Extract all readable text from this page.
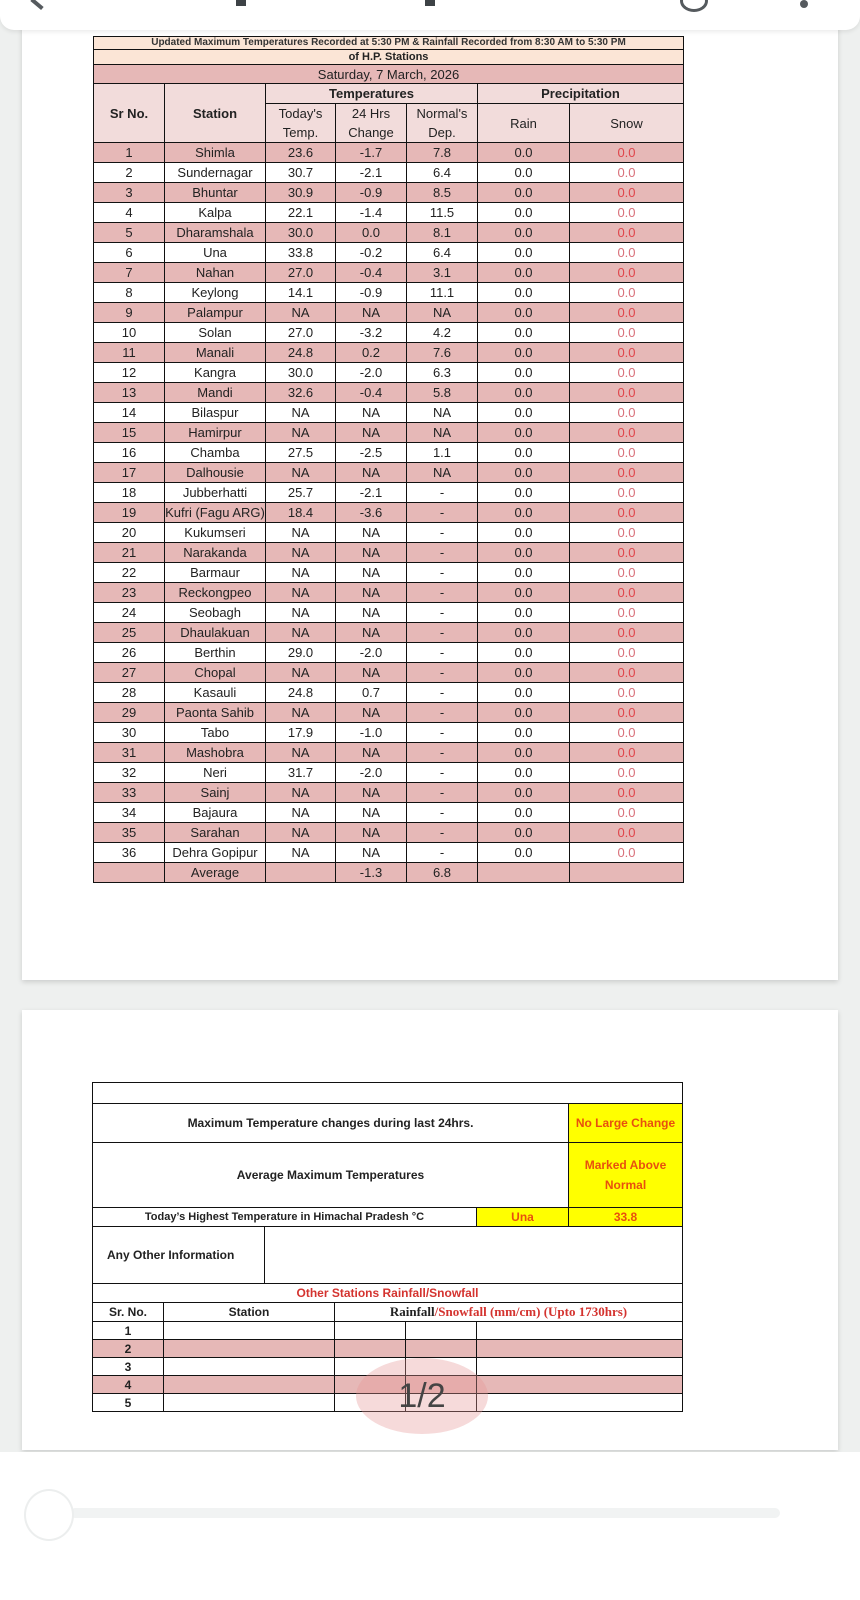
Updated Maximum Temperatures Recorded at 5:30 PM & Rainfall Recorded from 8:30 AM to 5:30 PM						
of H.P. Stations						
Saturday, 7 March, 2026						
Sr No.	Station	Temperatures			Precipitation	
		Today's Temp.	24 Hrs Change	Normal's Dep.	Rain	Snow
1	Shimla	23.6	-1.7	7.8	0.0	0.0
2	Sundernagar	30.7	-2.1	6.4	0.0	0.0
3	Bhuntar	30.9	-0.9	8.5	0.0	0.0
4	Kalpa	22.1	-1.4	11.5	0.0	0.0
5	Dharamshala	30.0	0.0	8.1	0.0	0.0
6	Una	33.8	-0.2	6.4	0.0	0.0
7	Nahan	27.0	-0.4	3.1	0.0	0.0
8	Keylong	14.1	-0.9	11.1	0.0	0.0
9	Palampur	NA	NA	NA	0.0	0.0
10	Solan	27.0	-3.2	4.2	0.0	0.0
11	Manali	24.8	0.2	7.6	0.0	0.0
12	Kangra	30.0	-2.0	6.3	0.0	0.0
13	Mandi	32.6	-0.4	5.8	0.0	0.0
14	Bilaspur	NA	NA	NA	0.0	0.0
15	Hamirpur	NA	NA	NA	0.0	0.0
16	Chamba	27.5	-2.5	1.1	0.0	0.0
17	Dalhousie	NA	NA	NA	0.0	0.0
18	Jubberhatti	25.7	-2.1	-	0.0	0.0
19	Kufri (Fagu ARG)	18.4	-3.6	-	0.0	0.0
20	Kukumseri	NA	NA	-	0.0	0.0
21	Narakanda	NA	NA	-	0.0	0.0
22	Barmaur	NA	NA	-	0.0	0.0
23	Reckongpeo	NA	NA	-	0.0	0.0
24	Seobagh	NA	NA	-	0.0	0.0
25	Dhaulakuan	NA	NA	-	0.0	0.0
26	Berthin	29.0	-2.0	-	0.0	0.0
27	Chopal	NA	NA	-	0.0	0.0
28	Kasauli	24.8	0.7	-	0.0	0.0
29	Paonta Sahib	NA	NA	-	0.0	0.0
30	Tabo	17.9	-1.0	-	0.0	0.0
31	Mashobra	NA	NA	-	0.0	0.0
32	Neri	31.7	-2.0	-	0.0	0.0
33	Sainj	NA	NA	-	0.0	0.0
34	Bajaura	NA	NA	-	0.0	0.0
35	Sarahan	NA	NA	-	0.0	0.0
36	Dehra Gopipur	NA	NA	-	0.0	0.0
	Average		-1.3	6.8		

Maximum Temperature changes during last 24hrs.						No Large Change
Average Maximum Temperatures						Marked Above Normal
Today’s Highest Temperature in Himachal Pradesh °C					Una	33.8
Any Other Information						
Other Stations Rainfall/Snowfall						
Sr. No.	Station		Rainfall/Snowfall (mm/cm) (Upto 1730hrs)			
1						
2						
3						
4						
5							1/2
